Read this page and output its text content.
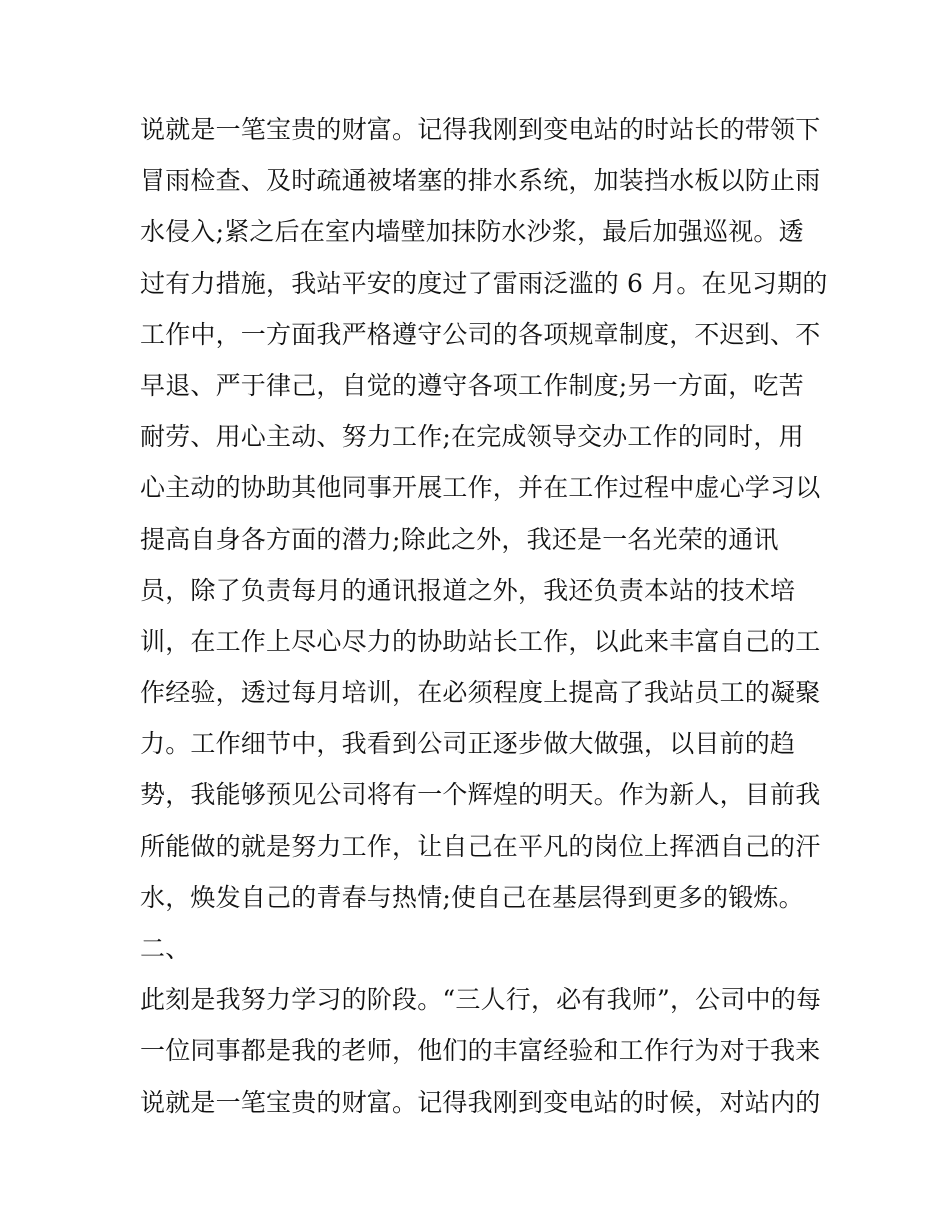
说就是一笔宝贵的财富。记得我刚到变电站的时站长的带领下
冒雨检查、及时疏通被堵塞的排水系统，加装挡水板以防止雨
水侵入;紧之后在室内墙壁加抹防水沙浆，最后加强巡视。透
过有力措施，我站平安的度过了雷雨泛滥的 6 月。在见习期的
工作中，一方面我严格遵守公司的各项规章制度，不迟到、不
早退、严于律己，自觉的遵守各项工作制度;另一方面，吃苦
耐劳、用心主动、努力工作;在完成领导交办工作的同时，用
心主动的协助其他同事开展工作，并在工作过程中虚心学习以
提高自身各方面的潜力;除此之外，我还是一名光荣的通讯
员，除了负责每月的通讯报道之外，我还负责本站的技术培
训，在工作上尽心尽力的协助站长工作，以此来丰富自己的工
作经验，透过每月培训，在必须程度上提高了我站员工的凝聚
力。工作细节中，我看到公司正逐步做大做强，以目前的趋
势，我能够预见公司将有一个辉煌的明天。作为新人，目前我
所能做的就是努力工作，让自己在平凡的岗位上挥洒自己的汗
水，焕发自己的青春与热情;使自己在基层得到更多的锻炼。
二、
此刻是我努力学习的阶段。“三人行，必有我师”，公司中的每
一位同事都是我的老师，他们的丰富经验和工作行为对于我来
说就是一笔宝贵的财富。记得我刚到变电站的时候，对站内的
